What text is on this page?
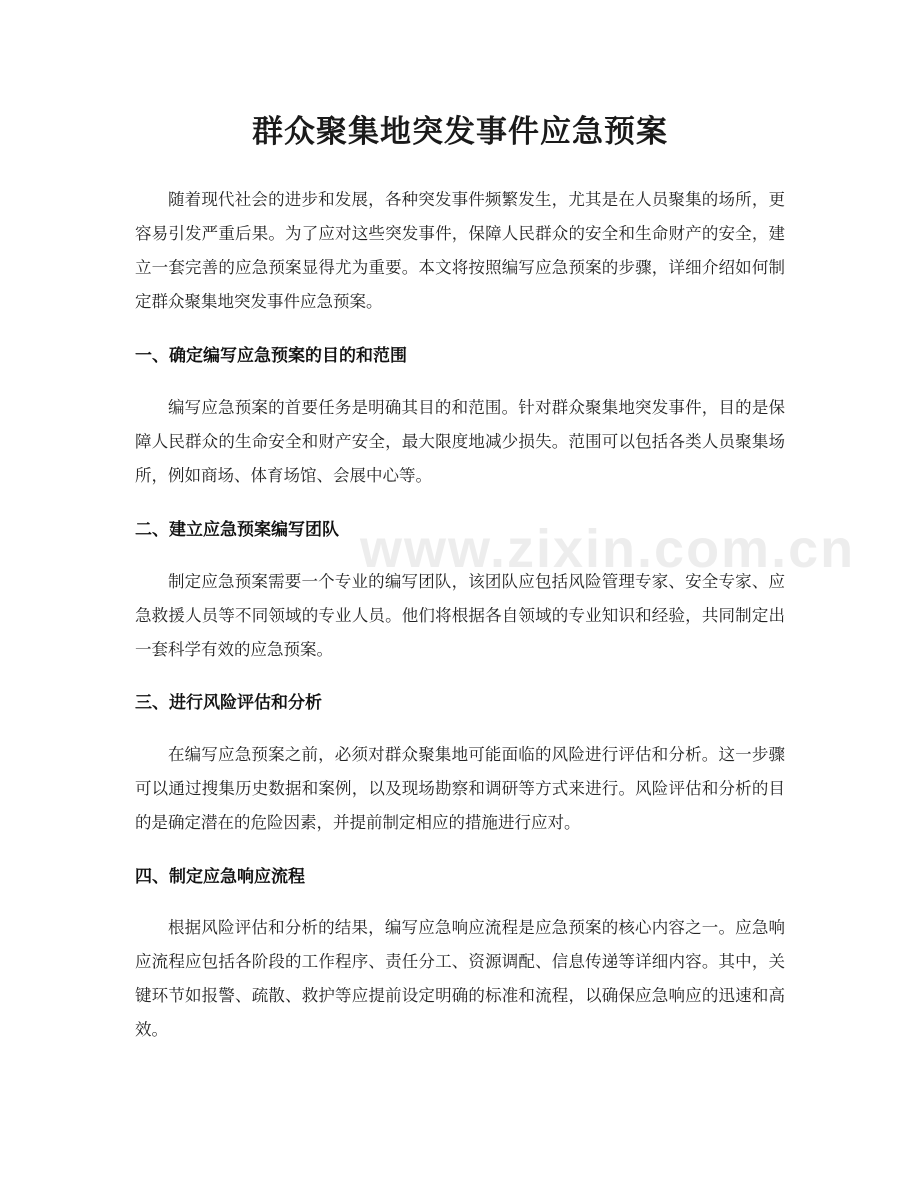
群众聚集地突发事件应急预案

随着现代社会的进步和发展，各种突发事件频繁发生，尤其是在人员聚集的场所，更容易引发严重后果。为了应对这些突发事件，保障人民群众的安全和生命财产的安全，建立一套完善的应急预案显得尤为重要。本文将按照编写应急预案的步骤，详细介绍如何制定群众聚集地突发事件应急预案。

一、确定编写应急预案的目的和范围

编写应急预案的首要任务是明确其目的和范围。针对群众聚集地突发事件，目的是保障人民群众的生命安全和财产安全，最大限度地减少损失。范围可以包括各类人员聚集场所，例如商场、体育场馆、会展中心等。

二、建立应急预案编写团队

制定应急预案需要一个专业的编写团队，该团队应包括风险管理专家、安全专家、应急救援人员等不同领域的专业人员。他们将根据各自领域的专业知识和经验，共同制定出一套科学有效的应急预案。

三、进行风险评估和分析

在编写应急预案之前，必须对群众聚集地可能面临的风险进行评估和分析。这一步骤可以通过搜集历史数据和案例，以及现场勘察和调研等方式来进行。风险评估和分析的目的是确定潜在的危险因素，并提前制定相应的措施进行应对。

四、制定应急响应流程

根据风险评估和分析的结果，编写应急响应流程是应急预案的核心内容之一。应急响应流程应包括各阶段的工作程序、责任分工、资源调配、信息传递等详细内容。其中，关键环节如报警、疏散、救护等应提前设定明确的标准和流程，以确保应急响应的迅速和高效。

www.zixin.com.cn
